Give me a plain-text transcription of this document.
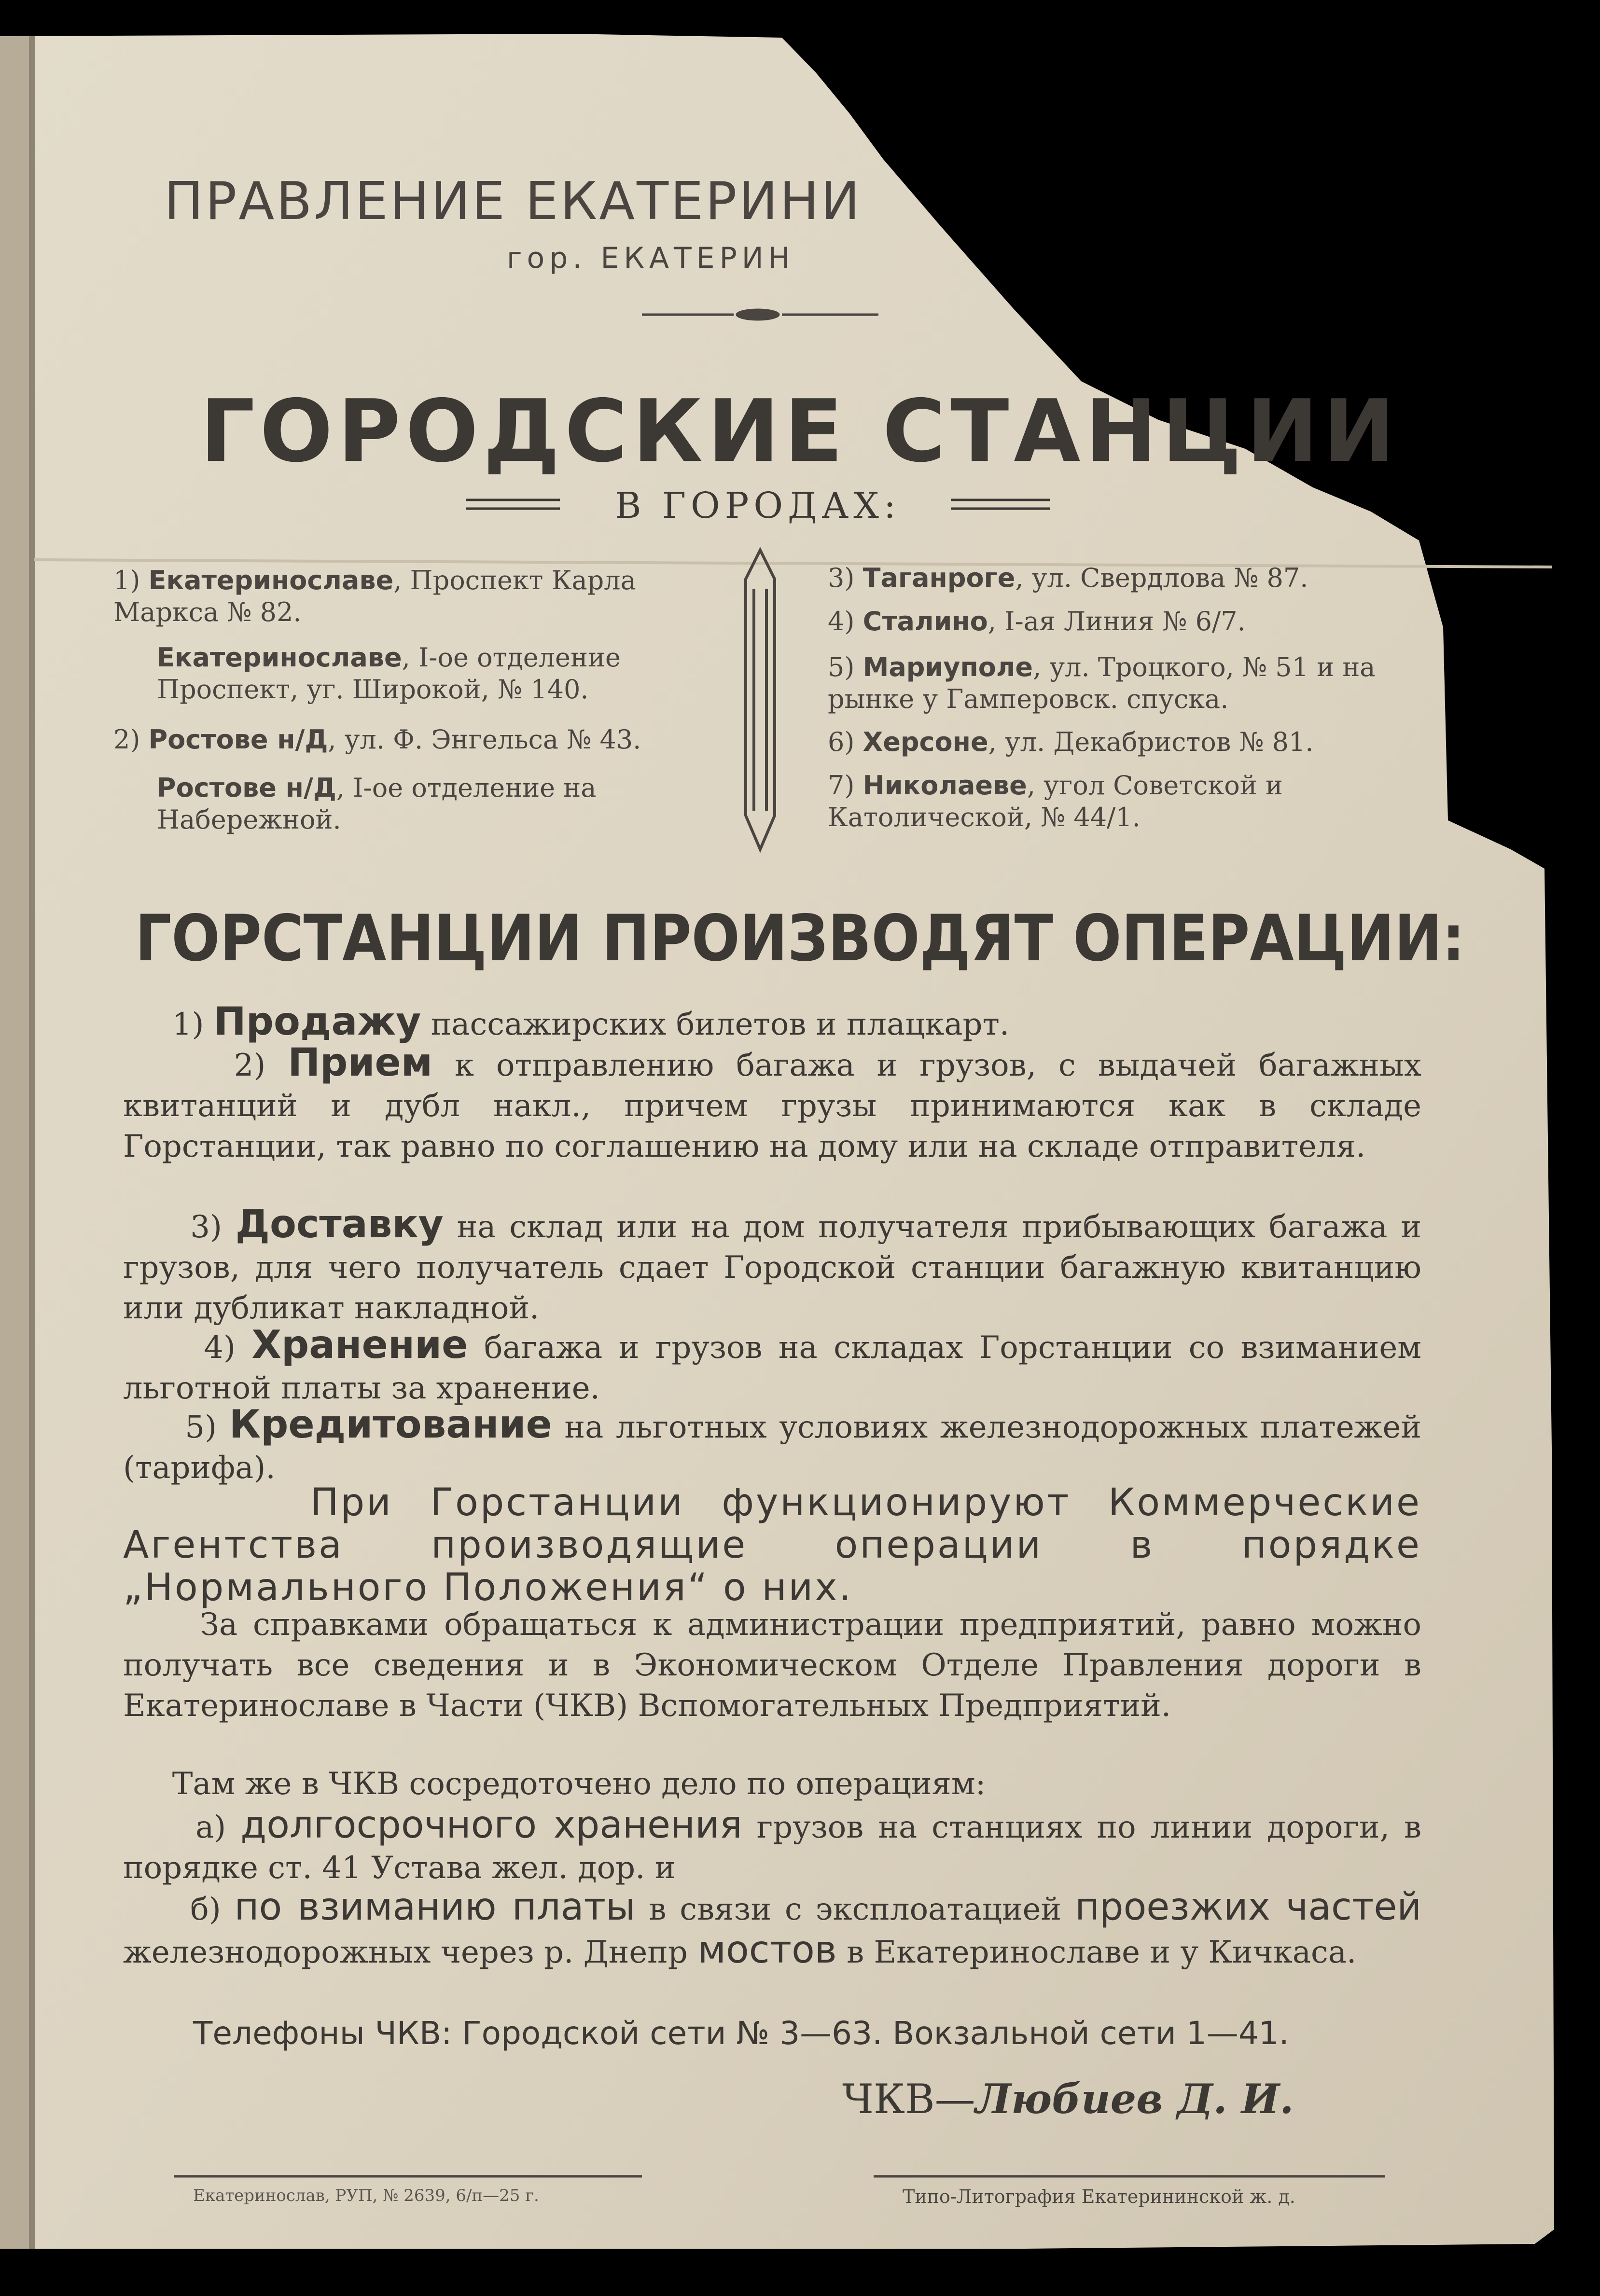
ПРАВЛЕНИЕ ЕКАТЕРИНИ
гор. ЕКАТЕРИН
ГОРОДСКИЕ СТАНЦИИ
В ГОРОДАХ:
1) Екатеринославе, Проспект Карла Маркса № 82.
Екатеринославе, I-ое отделение Проспект, уг. Широкой, № 140.
2) Ростове н/Д, ул. Ф. Энгельса № 43.
Ростове н/Д, I-ое отделение на Набережной.
3) Таганроге, ул. Свердлова № 87.
4) Сталино, I-ая Линия № 6/7.
5) Мариуполе, ул. Троцкого, № 51 и на рынке у Гамперовск. спуска.
6) Херсоне, ул. Декабристов № 81.
7) Николаеве, угол Советской и Католической, № 44/1.
ГОРСТАНЦИИ ПРОИЗВОДЯТ ОПЕРАЦИИ:
1) Продажу пассажирских билетов и плацкарт.
2) Прием к отправлению багажа и грузов, с выдачей багажных квитанций и дубл накл., причем грузы принимаются как в складе Горстанции, так равно по соглашению на дому или на складе отправителя.
3) Доставку на склад или на дом получателя прибывающих багажа и грузов, для чего получатель сдает Городской станции багажную квитанцию или дубликат накладной.
4) Хранение багажа и грузов на складах Горстанции со взиманием льготной платы за хранение.
5) Кредитование на льготных условиях железнодорожных платежей (тарифа).
При Горстанции функционируют Коммерческие Агентства производящие операции в порядке „Нормального Положения“ о них.
За справками обращаться к администрации предприятий, равно можно получать все сведения и в Экономическом Отделе Правления дороги в Екатеринославе в Части (ЧКВ) Вспомогательных Предприятий.
Там же в ЧКВ сосредоточено дело по операциям:
а) долгосрочного хранения грузов на станциях по линии дороги, в порядке ст. 41 Устава жел. дор. и
б) по взиманию платы в связи с эксплоатацией проезжих частей железнодорожных через р. Днепр мостов в Екатеринославе и у Кичкаса.
Телефоны ЧКВ: Городской сети № 3—63. Вокзальной сети 1—41.
ЧКВ—Любиев Д. И.
Екатеринослав, РУП, № 2639, 6/п—25 г.	Типо-Литография Екатерининской ж. д.
